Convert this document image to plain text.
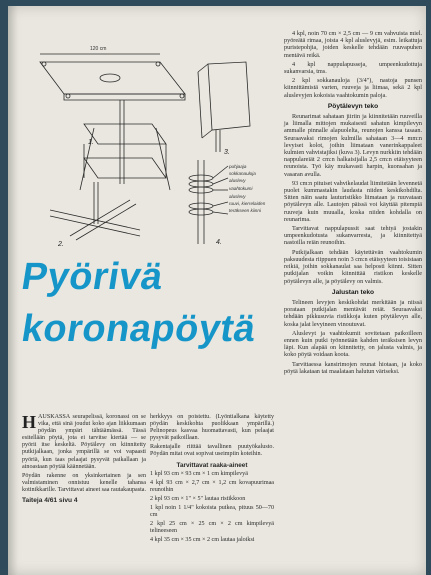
120 cm
1.
2.
3.
4.
puhjaaja
sokkanauloja
aluslevy
vaahtokumi
aluslevy
ruuvi, kierrelaiden
teräkseen kiinni

4 kpl, noin 70 cm × 2,5 cm — 9 cm vahvuista miel. pyöreätä rimaa, joista 4 kpl aluslevyjä, esim. leikattuja puristepohjia, joiden keskelle tehdään ruuvapuhen mentävä reikä.

4 kpl nappulapusseja, umpeenkudottuja sukanvarsia, tms.

2 kpl sokkanauloja (3/4"), nastoja punsen kiinnittämistä varten, ruuveja ja liimaa, sekä 2 kpl aluslevyjen kokoisia vaahtokumin paloja.

Pöytälevyn teko

Reunarimat sahataan jiiriin ja kiinnitetään ruuveilla ja liimalla mittojen mukaisesti sahatun kimpilevyn ammalle pinnalle alapuolelta, reunojen kanssa tasaan. Seuraavaksi rimojen kulmilla sahataan 3—4 mm:n levyiset kolot, joihin liimataan vanerinkappaleet kulmien vahvistajiksi (kuva 3). Levyn nurkkiin tehdään nappulareiät 2 cm:n halkaisijalla 2,5 cm:n etäisyyteen reunoista. Työ käy mukavasti harpin, kuonsahan ja vasaran avulla.

93 cm:n pituiset vahvikelaudat liimitetään levennetä puolet kummastakin laudasta niiden keskikohdilta. Sitten näin saatu lauturistikko liimataan ja ruuvataan pöytälevyn alle. Lautojen päissä voi käyttää pitempiä ruuveja kuin muualla, koska niiden kohdalla on reunarima.

Tarvittavat nappulapussit saat tehtyä jostakin umpeenkudotusta sukanvarresta, ja kiinnitettyä nastoilla reiän reunoihin.

Putkijalkaan tehdään käytettävän vaahtokumin paksuudesta riippuen noin 3 cm:n etäisyyteen toisistaan reikiä, joihin sokkanaulat saa helposti kiinni. Sitten putkijalan voikin kiinnittää ristikon keskelle pöytälevyn alle, ja pöytälevy on valmis.

Jalustan teko

Telineen levyjen keskikohdat merkitään ja niissä porataan putkijalan mentävät reiät. Seuraavaksi tehdään pikkusuvia ristikkoja kuten pöytälevyn alle, koska jalat levyineen vinoutuvat.

Aluslevyt ja vaahtokumit sovitetaan paikoilleen ennen kuin putki työnnetään kahden teräksisen levyn läpi. Kun alapää on kiinnitetty, on jalusta valmis, ja koko pöytä voidaan koota.

Tarvittaessa kansirimojen reunat hiotaan, ja koko pöytä lakataan tai maalataan halutun väriseksi.

Pyörivä
koronapöytä

HAUSKASSA seurapelissä, koronassi on se vika, että sinä joudut koko ajan liikkumaan pöydän ympäri tähtäämässä. Tässä esitellään pöytä, jota ei tarvitse kiertää — se pyörii itse keskeltä. Pöytälevy on kiinnitetty putkijalkaan, jonka ympärillä se voi vapaasti pyöriä, kun taas pelaajat pysyvät paikallaan ja ainoastaan pöytää käännetään.

Pöydän rakenne on yksinkertainen ja sen valmistaminen onnistuu kenelle tahansa kotinikkarille. Tarvittavat aineet saa rautakaupasta.

Taiteja 4/61 sivu 4

herkkyys on poistettu. (Lyöntialkana käytetty pöydän keskikohta puolikkaan ympärillä.) Pelinopeus kasvaa huomattavasti, kun pelaajat pysyvät paikoillaan.

Rakentajalle riittää tavallinen puutyökalusto. Pöydän mitat ovat sopivat useimpiin koteihin.

Tarvittavat raaka-aineet

1 kpl 93 cm × 93 cm × 1 cm kimpilevyä

4 kpl 93 cm × 2,7 cm × 1,2 cm kovapuurimaa reunoihin

2 kpl 93 cm × 1" × 5" lautaa ristikkoon

1 kpl noin 1 1/4" kokoista putkea, pituus 50—70 cm

2 kpl 25 cm × 25 cm × 2 cm kimpilevyä telineeseen

4 kpl 35 cm × 35 cm × 2 cm lautaa jaloiksi
